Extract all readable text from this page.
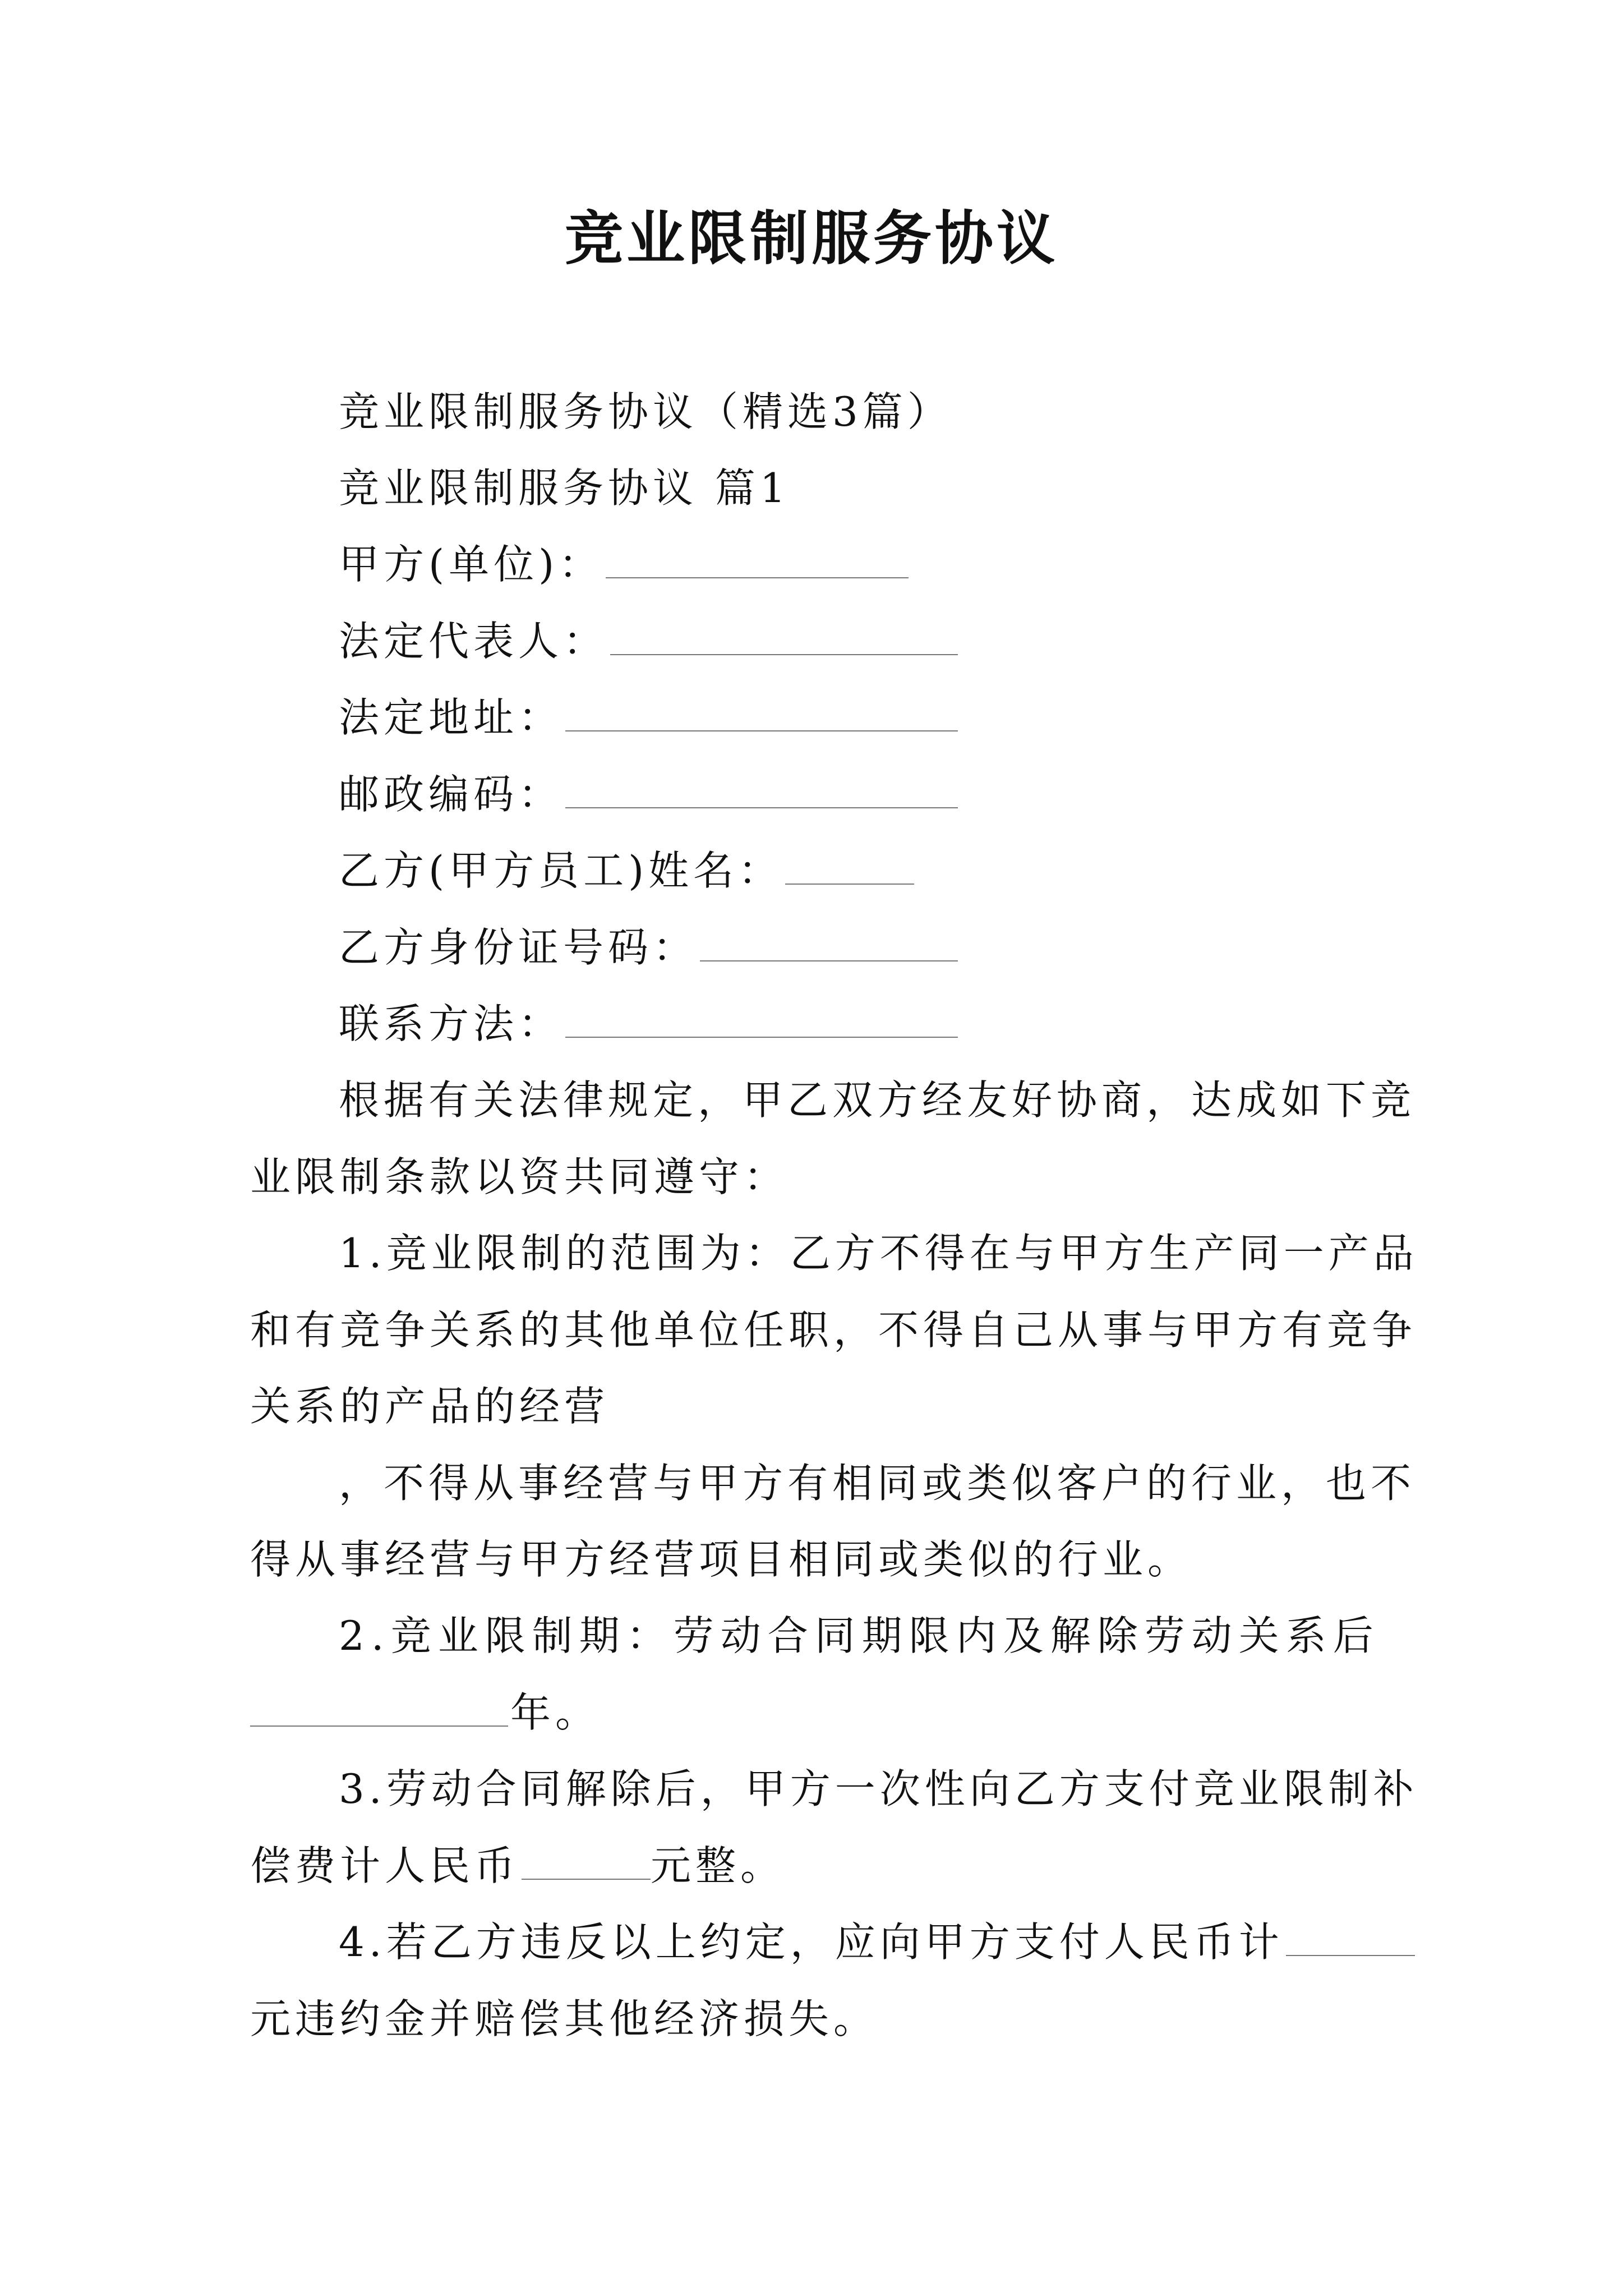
竞业限制服务协议
竞业限制服务协议（精选3篇）
竞业限制服务协议 篇1
甲方(单位)：
法定代表人：
法定地址：
邮政编码：
乙方(甲方员工)姓名：
乙方身份证号码：
联系方法：
根据有关法律规定，甲乙双方经友好协商，达成如下竞
业限制条款以资共同遵守：
1.竞业限制的范围为：乙方不得在与甲方生产同一产品
和有竞争关系的其他单位任职，不得自己从事与甲方有竞争
关系的产品的经营
，不得从事经营与甲方有相同或类似客户的行业，也不
得从事经营与甲方经营项目相同或类似的行业。
2.竞业限制期：劳动合同期限内及解除劳动关系后
年。
3.劳动合同解除后，甲方一次性向乙方支付竞业限制补
偿费计人民币	元整。
4.若乙方违反以上约定，应向甲方支付人民币计
元违约金并赔偿其他经济损失。
